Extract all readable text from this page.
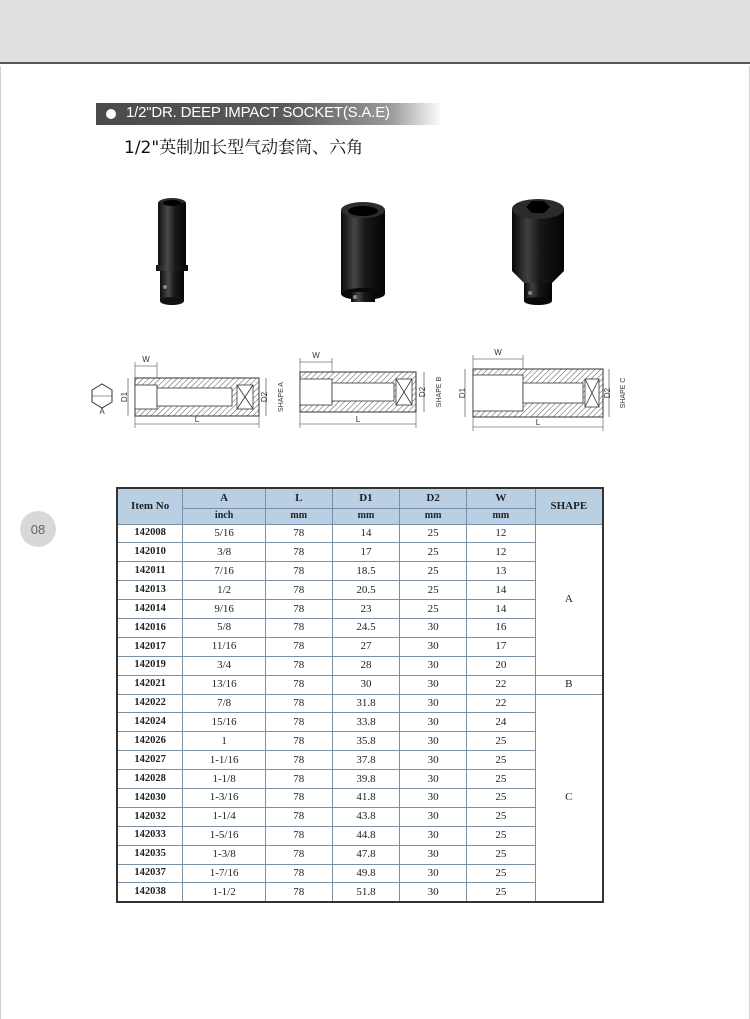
1/2"DR. DEEP IMPACT SOCKET(S.A.E)
1/2"英制加长型气动套筒、六角
08
A
W
L
D1	D2 SHAPE A
W
L
D2 SHAPE B
W
L
D1	D2 SHAPE C
Item No	A	L	D1	D2	W	SHAPE
	inch	mm	mm	mm	mm	
142008	5/16	78	14	25	12	A
142010	3/8	78	17	25	12	
142011	7/16	78	18.5	25	13	
142013	1/2	78	20.5	25	14	
142014	9/16	78	23	25	14	
142016	5/8	78	24.5	30	16	
142017	11/16	78	27	30	17	
142019	3/4	78	28	30	20	
142021	13/16	78	30	30	22	B
142022	7/8	78	31.8	30	22	C
142024	15/16	78	33.8	30	24	
142026	1	78	35.8	30	25	
142027	1-1/16	78	37.8	30	25	
142028	1-1/8	78	39.8	30	25	
142030	1-3/16	78	41.8	30	25	
142032	1-1/4	78	43.8	30	25	
142033	1-5/16	78	44.8	30	25	
142035	1-3/8	78	47.8	30	25	
142037	1-7/16	78	49.8	30	25	
142038	1-1/2	78	51.8	30	25	
